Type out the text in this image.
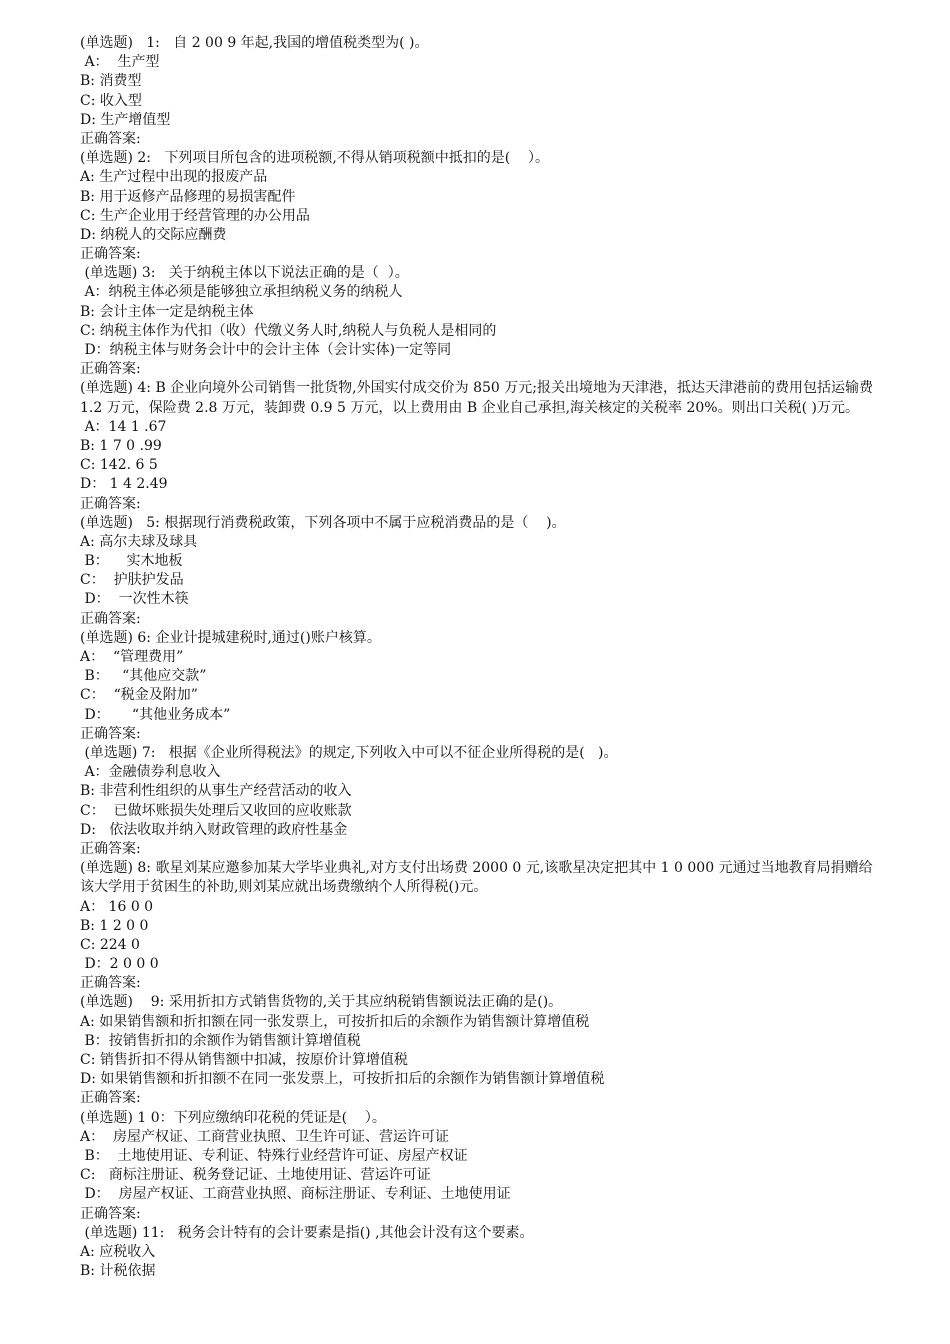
(单选题)   1:   自 2 00 9 年起,我国的增值税类型为( )。
A：  生产型
B: 消费型
C: 收入型
D: 生产增值型
正确答案:
(单选题) 2:   下列项目所包含的进项税额,不得从销项税额中抵扣的是(    ）。
A: 生产过程中出现的报废产品
B: 用于返修产品修理的易损害配件
C: 生产企业用于经营管理的办公用品
D: 纳税人的交际应酬费
正确答案:
(单选题) 3:   关于纳税主体以下说法正确的是（  ）。
A：纳税主体必须是能够独立承担纳税义务的纳税人
B: 会计主体一定是纳税主体
C: 纳税主体作为代扣（收）代缴义务人时,纳税人与负税人是相同的
D：纳税主体与财务会计中的会计主体（会计实体)一定等同
正确答案:
(单选题) 4: B 企业向境外公司销售一批货物,外国实付成交价为 850 万元;报关出境地为天津港，抵达天津港前的费用包括运输费 1.2 万元，保险费 2.8 万元，装卸费 0.9 5 万元，以上费用由 B 企业自己承担,海关核定的关税率 20%。则出口关税( )万元。
A：14 1 .67
B: 1 7 0 .99
C: 142. 6 5
D： 1 4 2.49
正确答案:
(单选题)   5: 根据现行消费税政策，下列各项中不属于应税消费品的是（    )。
A: 高尔夫球及球具
B：    实木地板
C：  护肤护发品
D：  一次性木筷
正确答案:
(单选题) 6: 企业计提城建税时,通过()账户核算。
A：  “管理费用”
B：   “其他应交款”
C：  “税金及附加”
D：     “其他业务成本”
正确答案:
(单选题) 7:   根据《企业所得税法》的规定,下列收入中可以不征企业所得税的是(   )。
A：金融债券利息收入
B: 非营利性组织的从事生产经营活动的收入
C：  已做坏账损失处理后又收回的应收账款
D:   依法收取并纳入财政管理的政府性基金
正确答案:
(单选题) 8: 歌星刘某应邀参加某大学毕业典礼,对方支付出场费 2000 0 元,该歌星决定把其中 1 0 000 元通过当地教育局捐赠给该大学用于贫困生的补助,则刘某应就出场费缴纳个人所得税()元。
A： 16 0 0
B: 1 2 0 0
C: 224 0
D：2 0 0 0
正确答案:
(单选题)    9: 采用折扣方式销售货物的,关于其应纳税销售额说法正确的是()。
A: 如果销售额和折扣额在同一张发票上，可按折扣后的余额作为销售额计算增值税
B：按销售折扣的余额作为销售额计算增值税
C: 销售折扣不得从销售额中扣减，按原价计算增值税
D: 如果销售额和折扣额不在同一张发票上，可按折扣后的余额作为销售额计算增值税
正确答案:
(单选题) 1 0：下列应缴纳印花税的凭证是(    ）。
A：  房屋产权证、工商营业执照、卫生许可证、营运许可证
B：  土地使用证、专利证、特殊行业经营许可证、房屋产权证
C:   商标注册证、税务登记证、土地使用证、营运许可证
D：  房屋产权证、工商营业执照、商标注册证、专利证、土地使用证
正确答案:
(单选题) 11:   税务会计特有的会计要素是指() ,其他会计没有这个要素。
A: 应税收入
B: 计税依据
